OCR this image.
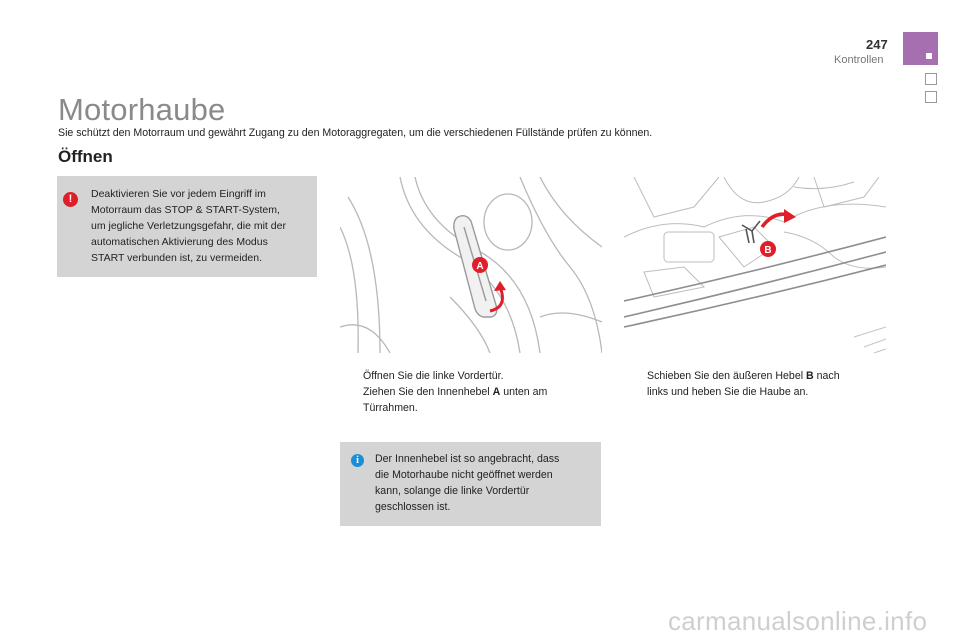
247
Kontrollen
Motorhaube

Sie schützt den Motorraum und gewährt Zugang zu den Motoraggregaten, um die verschiedenen Füllstände prüfen zu können.

Öffnen
!	Deaktivieren Sie vor jedem Eingriff im
Motorraum das STOP & START-System,
um jegliche Verletzungsgefahr, die mit der
automatischen Aktivierung des Modus
START verbunden ist, zu vermeiden.
A
B
Öffnen Sie die linke Vordertür.
Ziehen Sie den Innenhebel A unten am
Türrahmen.
Schieben Sie den äußeren Hebel B nach
links und heben Sie die Haube an.
i	Der Innenhebel ist so angebracht, dass
die Motorhaube nicht geöffnet werden
kann, solange die linke Vordertür
geschlossen ist.
carmanualsonline.info
